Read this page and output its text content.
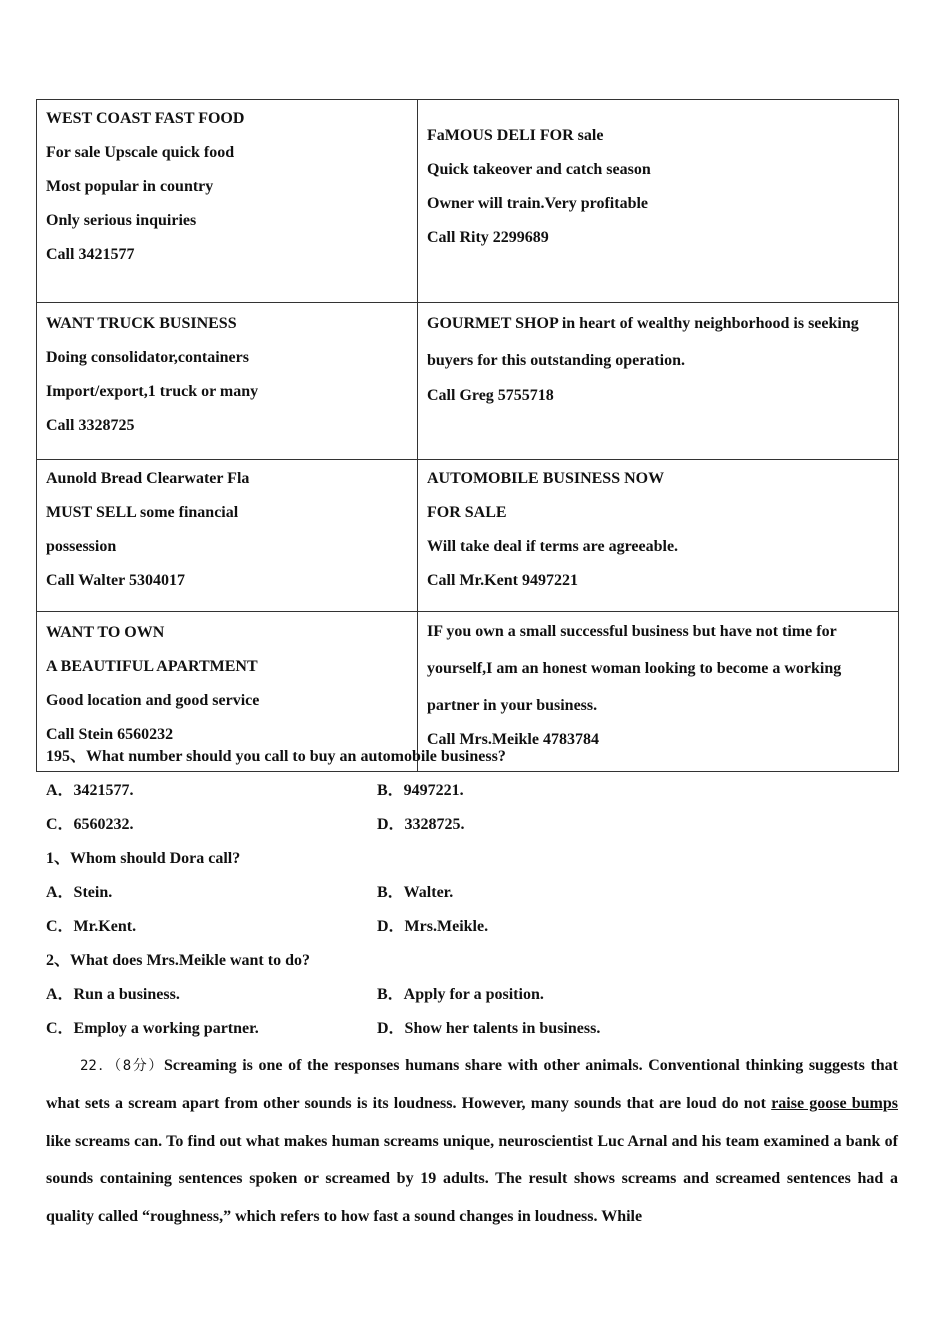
WEST COAST FAST FOOD
For sale Upscale quick food
Most popular in country
Only serious inquiries
Call 3421577	FaMOUS DELI FOR sale
Quick takeover and catch season
Owner will train.Very profitable
Call Rity 2299689

WANT TRUCK BUSINESS
Doing consolidator,containers
Import/export,1 truck or many
Call 3328725	GOURMET SHOP in heart of wealthy neighborhood is seeking
buyers for this outstanding operation.
Call Greg 5755718

Aunold Bread Clearwater Fla
MUST SELL some financial
possession
Call Walter 5304017	AUTOMOBILE BUSINESS NOW
FOR SALE
Will take deal if terms are agreeable.
Call Mr.Kent 9497221

WANT TO OWN
A BEAUTIFUL APARTMENT
Good location and good service
Call Stein 6560232	IF you own a small successful business but have not time for
yourself,I am an honest woman looking to become a working
partner in your business.
Call Mrs.Meikle 4783784
195、What number should you call to buy an automobile business?
A．3421577.	B．9497221.
C．6560232.	D．3328725.
1、Whom should Dora call?
A．Stein.	B．Walter.
C．Mr.Kent.	D．Mrs.Meikle.
2、What does Mrs.Meikle want to do?
A．Run a business.	B．Apply for a position.
C．Employ a working partner.	D．Show her talents in business.

22．（8分）Screaming is one of the responses humans share with other animals. Conventional thinking suggests that what sets a scream apart from other sounds is its loudness. However, many sounds that are loud do not raise goose bumps like screams can. To find out what makes human screams unique, neuroscientist Luc Arnal and his team examined a bank of sounds containing sentences spoken or screamed by 19 adults. The result shows screams and screamed sentences had a quality called “roughness,” which refers to how fast a sound changes in loudness. While
